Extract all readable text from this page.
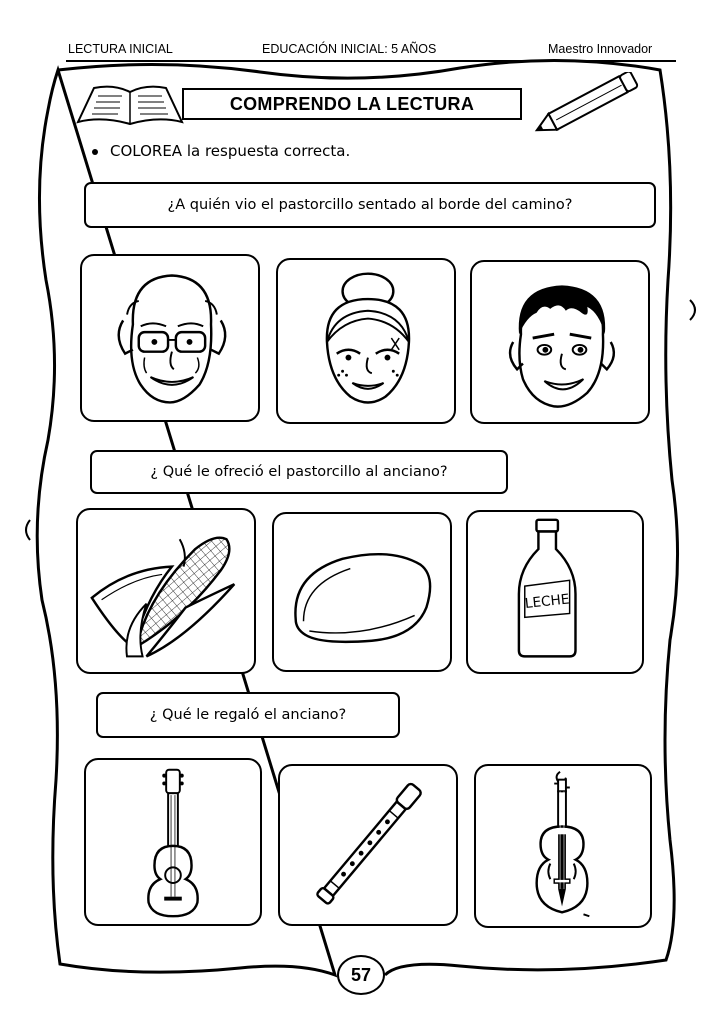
LECTURA INICIAL	EDUCACIÓN INICIAL: 5 AÑOS	Maestro Innovador
COMPRENDO LA LECTURA
COLOREA la respuesta correcta.
¿A quién vio el pastorcillo sentado al borde del camino?
¿ Qué le ofreció el pastorcillo al anciano?
LECHE
¿ Qué le regaló el anciano?
57
